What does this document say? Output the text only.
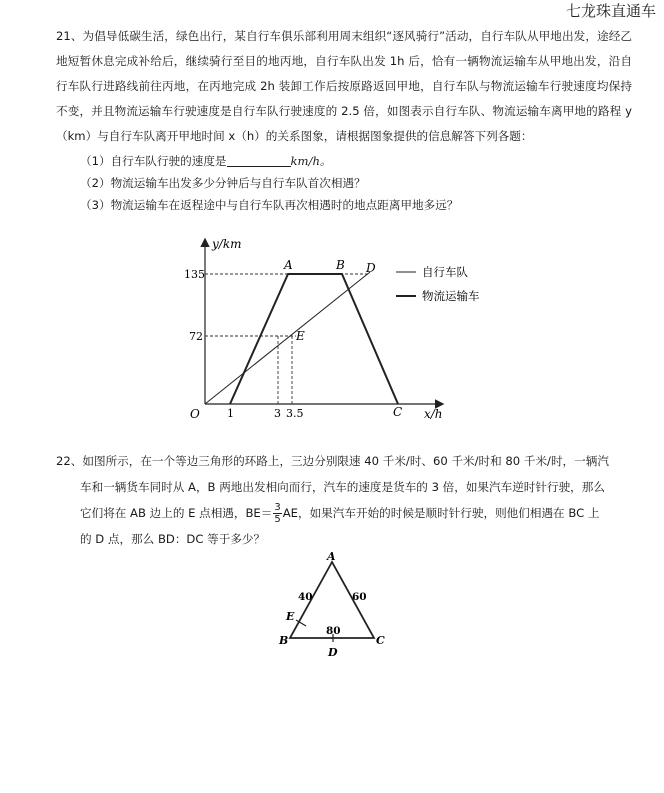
七龙珠直通车

21、为倡导低碳生活，绿色出行，某自行车俱乐部利用周末组织“逐风骑行”活动，自行车队从甲地出发，途经乙地短暂休息完成补给后，继续骑行至目的地丙地，自行车队出发 1h 后，恰有一辆物流运输车从甲地出发，沿自行车队行进路线前往丙地，在丙地完成 2h 装卸工作后按原路返回甲地，自行车队与物流运输车行驶速度均保持不变，并且物流运输车行驶速度是自行车队行驶速度的 2.5 倍，如图表示自行车队、物流运输车离甲地的路程 y（km）与自行车队离开甲地时间 x（h）的关系图象，请根据图象提供的信息解答下列各题：

（1）自行车队行驶的速度是	km/h。
（2）物流运输车出发多少分钟后与自行车队首次相遇？
（3）物流运输车在返程途中与自行车队再次相遇时的地点距离甲地多远？
y/km
x/h
O
135
72
1	3 3.5
A	B D
E
C
自行车队
物流运输车

22、如图所示，在一个等边三角形的环路上，三边分别限速 40 千米/时、60 千米/时和 80 千米/时，一辆汽

车和一辆货车同时从 A，B 两地出发相向而行，汽车的速度是货车的 3 倍，如果汽车逆时针行驶，那么

它们将在 AB 边上的 E 点相遇，$BE= \frac{3}{5}$ AE，如果汽车开始的时候是顺时针行驶，则他们相遇在 BC 上

的 D 点，那么 BD：DC 等于多少？

A
B	C
E
D
40	60
80
